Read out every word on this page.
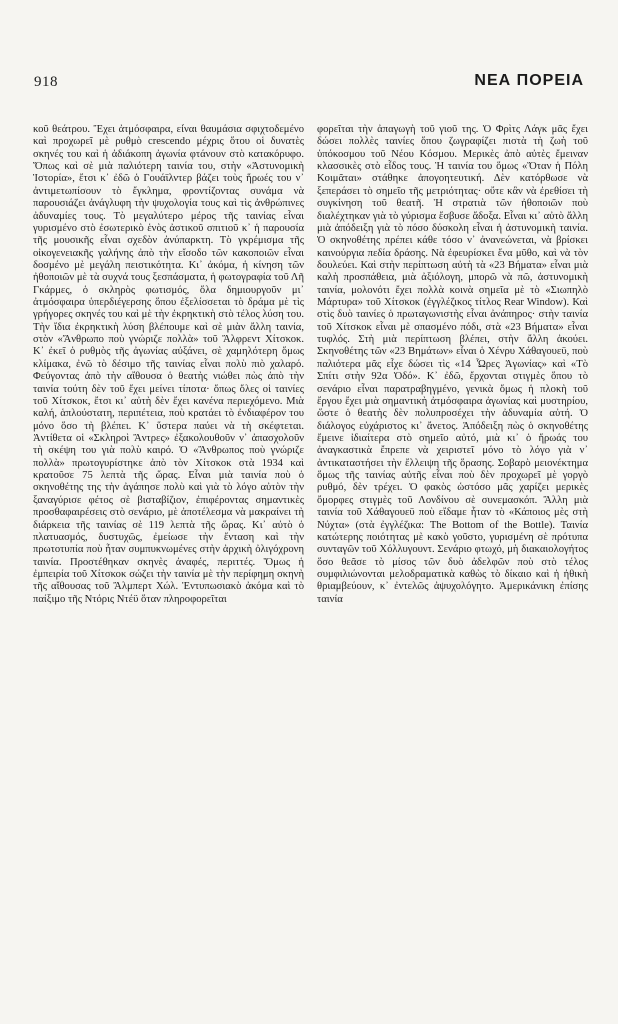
918	ΝΕΑ ΠΟΡΕΙΑ

κοῦ θεάτρου. Ἔχει ἀτμόσφαιρα, εἶναι θαυμάσια σφιχτοδεμένο καὶ προχωρεῖ μὲ ρυθμὸ crescendo μέχρις ὅτου οἱ δυνατὲς σκηνές του καὶ ἡ ἀδιάκοπη ἀγωνία φτάνουν στὸ κατακόρυφο. Ὅπως καὶ σὲ μιὰ παλιότερη ταινία του, στὴν «Ἀστυνομικὴ Ἱστορία», ἔτσι κ᾽ ἐδῶ ὁ Γουάϊλντερ βάζει τοὺς ἥρωές του ν᾽ ἀντιμετωπίσουν τὸ ἔγκλημα, φροντίζοντας συνάμα νὰ παρουσιάζει ἀνάγλυφη τὴν ψυχολογία τους καὶ τὶς ἀνθρώπινες ἀδυναμίες τους. Τὸ μεγαλύτερο μέρος τῆς ταινίας εἶναι γυρισμένο στὸ ἐσωτερικὸ ἑνὸς ἀστικοῦ σπιτιοῦ κ᾽ ἡ παρουσία τῆς μουσικῆς εἶναι σχεδὸν ἀνύπαρκτη. Τὸ γκρέμισμα τῆς οἰκογενειακῆς γαλήνης ἀπὸ τὴν εἴσοδο τῶν κακοποιῶν εἶναι δοσμένο μὲ μεγάλη πειστικότητα. Κι᾽ ἀκόμα, ἡ κίνηση τῶν ἠθοποιῶν μὲ τὰ συχνά τους ξεσπάσματα, ἡ φωτογραφία τοῦ Λῆ Γκάρμες, ὁ σκληρὸς φωτισμός, ὅλα δημιουργοῦν μι᾽ ἀτμόσφαιρα ὑπερδιέγερσης ὅπου ἐξελίσσεται τὸ δράμα μὲ τὶς γρήγορες σκηνές του καὶ μὲ τὴν ἐκρηκτικὴ στὸ τέλος λύση του. Τὴν ἴδια ἐκρηκτικὴ λύση βλέπουμε καὶ σὲ μιὰν ἄλλη ταινία, στὸν «Ἄνθρωπο ποὺ γνώριζε πολλὰ» τοῦ Ἄλφρεντ Χίτσκοκ. Κ᾽ ἐκεῖ ὁ ρυθμὸς τῆς ἀγωνίας αὐξάνει, σὲ χαμηλότερη ὅμως κλίμακα, ἐνῶ τὸ δέσιμο τῆς ταινίας εἶναι πολὺ πιὸ χαλαρό. Φεύγοντας ἀπὸ τὴν αἴθουσα ὁ θεατὴς νιώθει πὼς ἀπὸ τὴν ταινία τούτη δὲν τοῦ ἔχει μείνει τίποτα· ὅπως ὅλες οἱ ταινίες τοῦ Χίτσκοκ, ἔτσι κι᾽ αὐτὴ δὲν ἔχει κανένα περιεχόμενο. Μιὰ καλή, ἁπλούστατη, περιπέτεια, ποὺ κρατάει τὸ ἐνδιαφέρον του μόνο ὅσο τὴ βλέπει. Κ᾽ ὕστερα παύει νὰ τὴ σκέφτεται. Ἀντίθετα οἱ «Σκληροὶ Ἄντρες» ἐξακολουθοῦν ν᾽ ἀπασχολοῦν τὴ σκέψη του γιὰ πολὺ καιρό. Ὁ «Ἄνθρωπος ποὺ γνώριζε πολλὰ» πρωτογυρίστηκε ἀπὸ τὸν Χίτσκοκ στὰ 1934 καὶ κρατοῦσε 75 λεπτὰ τῆς ὥρας. Εἶναι μιὰ ταινία ποὺ ὁ σκηνοθέτης της τὴν ἀγάπησε πολὺ καὶ γιὰ τὸ λόγο αὐτὸν τὴν ξαναγύρισε φέτος σὲ βισταβίζιον, ἐπιφέροντας σημαντικὲς προσθαφαιρέσεις στὸ σενάριο, μὲ ἀποτέλεσμα νὰ μακραίνει τὴ διάρκεια τῆς ταινίας σὲ 119 λεπτὰ τῆς ὥρας. Κι᾽ αὐτὸ ὁ πλατυασμός, δυστυχῶς, ἐμείωσε τὴν ἔνταση καὶ τὴν πρωτοτυπία ποὺ ἦταν συμπυκνωμένες στὴν ἀρχικὴ ὀλιγόχρονη ταινία. Προστέθηκαν σκηνὲς ἀναφές, περιττές. Ὅμως ἡ ἐμπειρία τοῦ Χίτσκοκ σώζει τὴν ταινία μὲ τὴν περίφημη σκηνὴ τῆς αἴθουσας τοῦ Ἄλμπερτ Χώλ. Ἐντυπωσιακὸ ἀκόμα καὶ τὸ παίξιμο τῆς Ντόρις Ντέϋ ὅταν πληροφορεῖται

φορεῖται τὴν ἀπαγωγὴ τοῦ γιοῦ της. Ὁ Φρὶτς Λάγκ μᾶς ἔχει δώσει πολλὲς ταινίες ὅπου ζωγραφίζει πιστὰ τὴ ζωὴ τοῦ ὑπόκοσμου τοῦ Νέου Κόσμου. Μερικὲς ἀπὸ αὐτὲς ἔμειναν κλασσικὲς στὸ εἶδος τους. Ἡ ταινία του ὅμως «Ὅταν ἡ Πόλη Κοιμᾶται» στάθηκε ἀπογοητευτική. Δὲν κατόρθωσε νὰ ξεπεράσει τὸ σημεῖο τῆς μετριότητας· οὔτε κἂν νὰ ἐρεθίσει τὴ συγκίνηση τοῦ θεατῆ. Ἡ στρατιὰ τῶν ἠθοποιῶν ποὺ διαλέχτηκαν γιὰ τὸ γύρισμα ἔσβυσε ἄδοξα. Εἶναι κι᾽ αὐτὸ ἄλλη μιὰ ἀπόδειξη γιὰ τὸ πόσο δύσκολη εἶναι ἡ ἀστυνομικὴ ταινία. Ὁ σκηνοθέτης πρέπει κάθε τόσο ν᾽ ἀνανεώνεται, νὰ βρίσκει καινούργια πεδία δράσης. Νὰ ἐφευρίσκει ἕνα μῦθο, καὶ νὰ τὸν δουλεύει. Καὶ στὴν περίπτωση αὐτὴ τὰ «23 Βήματα» εἶναι μιὰ καλὴ προσπάθεια, μιὰ ἀξιόλογη, μπορῶ νὰ πῶ, ἀστυνομικὴ ταινία, μολονότι ἔχει πολλὰ κοινὰ σημεῖα μὲ τὸ «Σιωπηλὸ Μάρτυρα» τοῦ Χίτσκοκ (ἐγγλέζικος τίτλος Rear Window). Καὶ στὶς δυὸ ταινίες ὁ πρωταγωνιστὴς εἶναι ἀνάπηρος· στὴν ταινία τοῦ Χίτσκοκ εἶναι μὲ σπασμένο πόδι, στὰ «23 Βήματα» εἶναι τυφλός. Στὴ μιὰ περίπτωση βλέπει, στὴν ἄλλη ἀκούει. Σκηνοθέτης τῶν «23 Βημάτων» εἶναι ὁ Χένρυ Χάθαγουεϋ, ποὺ παλιότερα μᾶς εἶχε δώσει τὶς «14 Ὧρες Ἀγωνίας» καὶ «Τὸ Σπίτι στὴν 92α Ὁδό». Κ᾽ ἐδῶ, ἔρχονται στιγμὲς ὅπου τὸ σενάριο εἶναι παρατραβηγμένο, γενικὰ ὅμως ἡ πλοκὴ τοῦ ἔργου ἔχει μιὰ σημαντικὴ ἀτμόσφαιρα ἀγωνίας καὶ μυστηρίου, ὥστε ὁ θεατὴς δὲν πολυπροσέχει τὴν ἀδυναμία αὐτή. Ὁ διάλογος εὐχάριστος κι᾽ ἄνετος. Ἀπόδειξη πὼς ὁ σκηνοθέτης ἔμεινε ἰδιαίτερα στὸ σημεῖο αὐτό, μιὰ κι᾽ ὁ ἥρωάς του ἀναγκαστικὰ ἔπρεπε νὰ χειριστεῖ μόνο τὸ λόγο γιὰ ν᾽ ἀντικαταστήσει τὴν ἔλλειψη τῆς ὅρασης. Σοβαρὸ μειονέκτημα ὅμως τῆς ταινίας αὐτῆς εἶναι ποὺ δὲν προχωρεῖ μὲ γοργὸ ρυθμό, δὲν τρέχει. Ὁ φακὸς ὡστόσο μᾶς χαρίζει μερικὲς ὄμορφες στιγμὲς τοῦ Λονδίνου σὲ συνεμασκόπ. Ἄλλη μιὰ ταινία τοῦ Χάθαγουεϋ ποὺ εἴδαμε ἦταν τὸ «Κάποιος μὲς στὴ Νύχτα» (στὰ ἐγγλέζικα: The Bottom of the Bottle). Ταινία κατώτερης ποιότητας μὲ κακὸ γοῦστο, γυρισμένη σὲ πρότυπα συνταγῶν τοῦ Χόλλυγουντ. Σενάριο φτωχό, μὴ διακαιολογήτος ὅσο θεᾶσε τὸ μίσος τῶν δυὸ ἀδελφῶν ποὺ στὸ τέλος συμφιλιώνονται μελοδραματικὰ καθὼς τὸ δίκαιο καὶ ἡ ἠθικὴ θριαμβεύουν, κ᾽ ἐντελῶς ἀψυχολόγητο. Ἀμερικάνικη ἐπίσης ταινία
